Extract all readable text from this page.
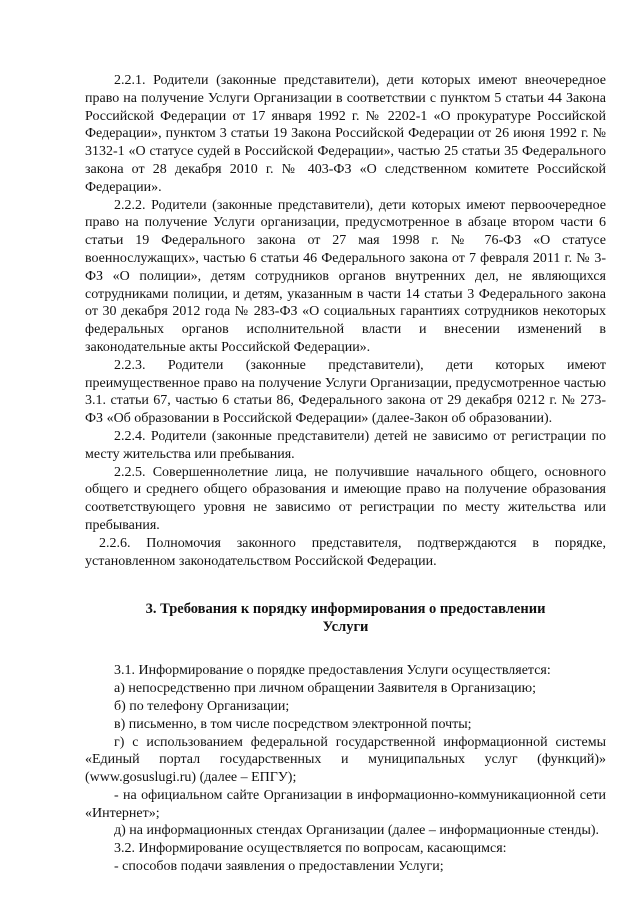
2.2.1. Родители (законные представители), дети которых имеют внеочередное право на получение Услуги Организации в соответствии с пунктом 5 статьи 44 Закона Российской Федерации от 17 января 1992 г. № 2202-1 «О прокуратуре Российской Федерации», пунктом 3 статьи 19 Закона Российской Федерации от 26 июня 1992 г. № 3132-1 «О статусе судей в Российской Федерации», частью 25 статьи 35 Федерального закона от 28 декабря 2010 г. № 403-ФЗ «О следственном комитете Российской Федерации».

2.2.2. Родители (законные представители), дети которых имеют первоочередное право на получение Услуги организации, предусмотренное в абзаце втором части 6 статьи 19 Федерального закона от 27 мая 1998 г. № 76-ФЗ «О статусе военнослужащих», частью 6 статьи 46 Федерального закона от 7 февраля 2011 г. № 3-ФЗ «О полиции», детям сотрудников органов внутренних дел, не являющихся сотрудниками полиции, и детям, указанным в части 14 статьи 3 Федерального закона от 30 декабря 2012 года № 283-ФЗ «О социальных гарантиях сотрудников некоторых федеральных органов исполнительной власти и внесении изменений в законодательные акты Российской Федерации».

2.2.3. Родители (законные представители), дети которых имеют преимущественное право на получение Услуги Организации, предусмотренное частью 3.1. статьи 67, частью 6 статьи 86, Федерального закона от 29 декабря 0212 г. № 273-ФЗ «Об образовании в Российской Федерации» (далее-Закон об образовании).

2.2.4. Родители (законные представители) детей не зависимо от регистрации по месту жительства или пребывания.

2.2.5. Совершеннолетние лица, не получившие начального общего, основного общего и среднего общего образования и имеющие право на получение образования соответствующего уровня не зависимо от регистрации по месту жительства или пребывания.

2.2.6. Полномочия законного представителя, подтверждаются в порядке, установленном законодательством Российской Федерации.

3. Требования к порядку информирования о предоставлении
Услуги

3.1. Информирование о порядке предоставления Услуги осуществляется:

а) непосредственно при личном обращении Заявителя в Организацию;

б) по телефону Организации;

в) письменно, в том числе посредством электронной почты;

г) с использованием федеральной государственной информационной системы «Единый портал государственных и муниципальных услуг (функций)» (www.gosuslugi.ru) (далее – ЕПГУ);

- на официальном сайте Организации в информационно-коммуникационной сети «Интернет»;

д) на информационных стендах Организации (далее – информационные стенды).

3.2. Информирование осуществляется по вопросам, касающимся:

- способов подачи заявления о предоставлении Услуги;
